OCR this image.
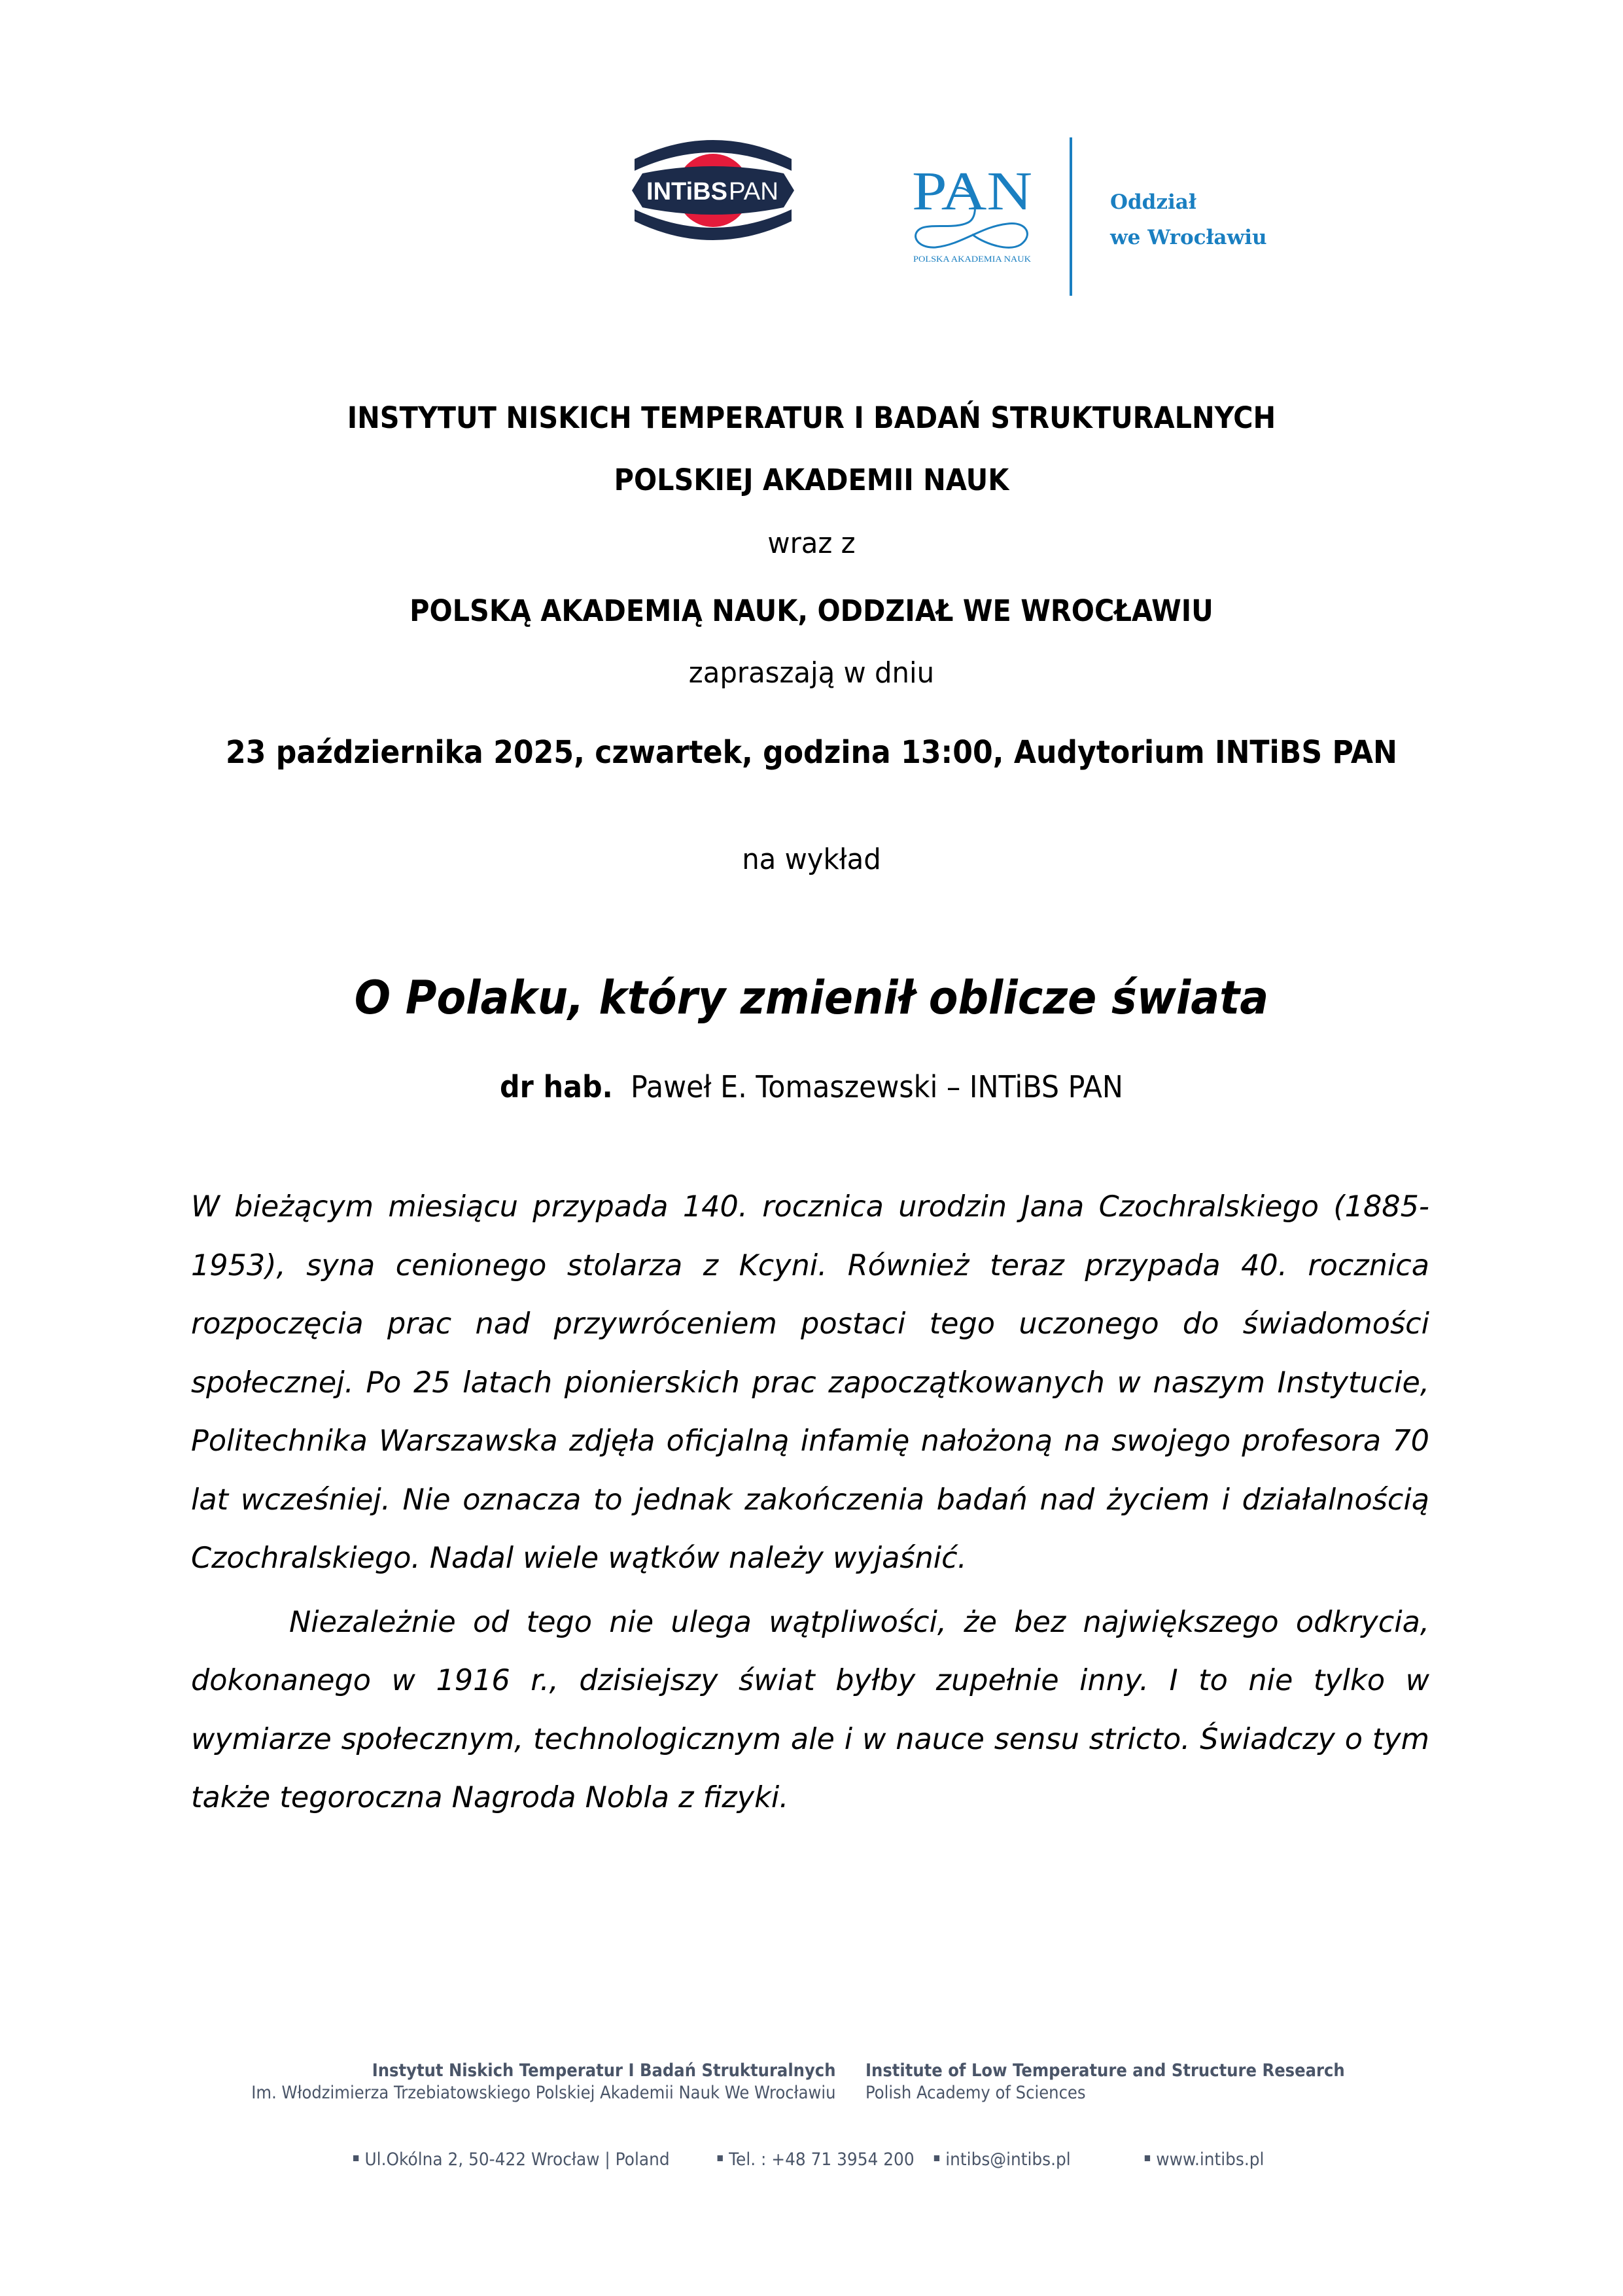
INTiBS PAN PAN
POLSKA AKADEMIA NAUK
Oddział
we Wrocławiu
INSTYTUT NISKICH TEMPERATUR I BADAŃ STRUKTURALNYCH
POLSKIEJ AKADEMII NAUK
wraz z
POLSKĄ AKADEMIĄ NAUK, ODDZIAŁ WE WROCŁAWIU
zapraszają w dniu
23 października 2025, czwartek, godzina 13:00, Audytorium INTiBS PAN
na wykład
O Polaku, który zmienił oblicze świata
dr hab. Paweł E. Tomaszewski – INTiBS PAN

W bieżącym miesiącu przypada 140. rocznica urodzin Jana Czochralskiego (1885-1953), syna cenionego stolarza z Kcyni. Również teraz przypada 40. rocznica rozpoczęcia prac nad przywróceniem postaci tego uczonego do świadomości społecznej. Po 25 latach pionierskich prac zapoczątkowanych w naszym Instytucie, Politechnika Warszawska zdjęła oficjalną infamię nałożoną na swojego profesora 70 lat wcześniej. Nie oznacza to jednak zakończenia badań nad życiem i działalnością Czochralskiego. Nadal wiele wątków należy wyjaśnić.

Niezależnie od tego nie ulega wątpliwości, że bez największego odkrycia, dokonanego w 1916 r., dzisiejszy świat byłby zupełnie inny. I to nie tylko w wymiarze społecznym, technologicznym ale i w nauce sensu stricto. Świadczy o tym także tegoroczna Nagroda Nobla z fizyki.

Instytut Niskich Temperatur I Badań Strukturalnych
Im. Włodzimierza Trzebiatowskiego Polskiej Akademii Nauk We Wrocławiu
Institute of Low Temperature and Structure Research
Polish Academy of Sciences
Ul.Okólna 2, 50-422 Wrocław | Poland	Tel. : +48 71 3954 200	intibs@intibs.pl	www.intibs.pl
